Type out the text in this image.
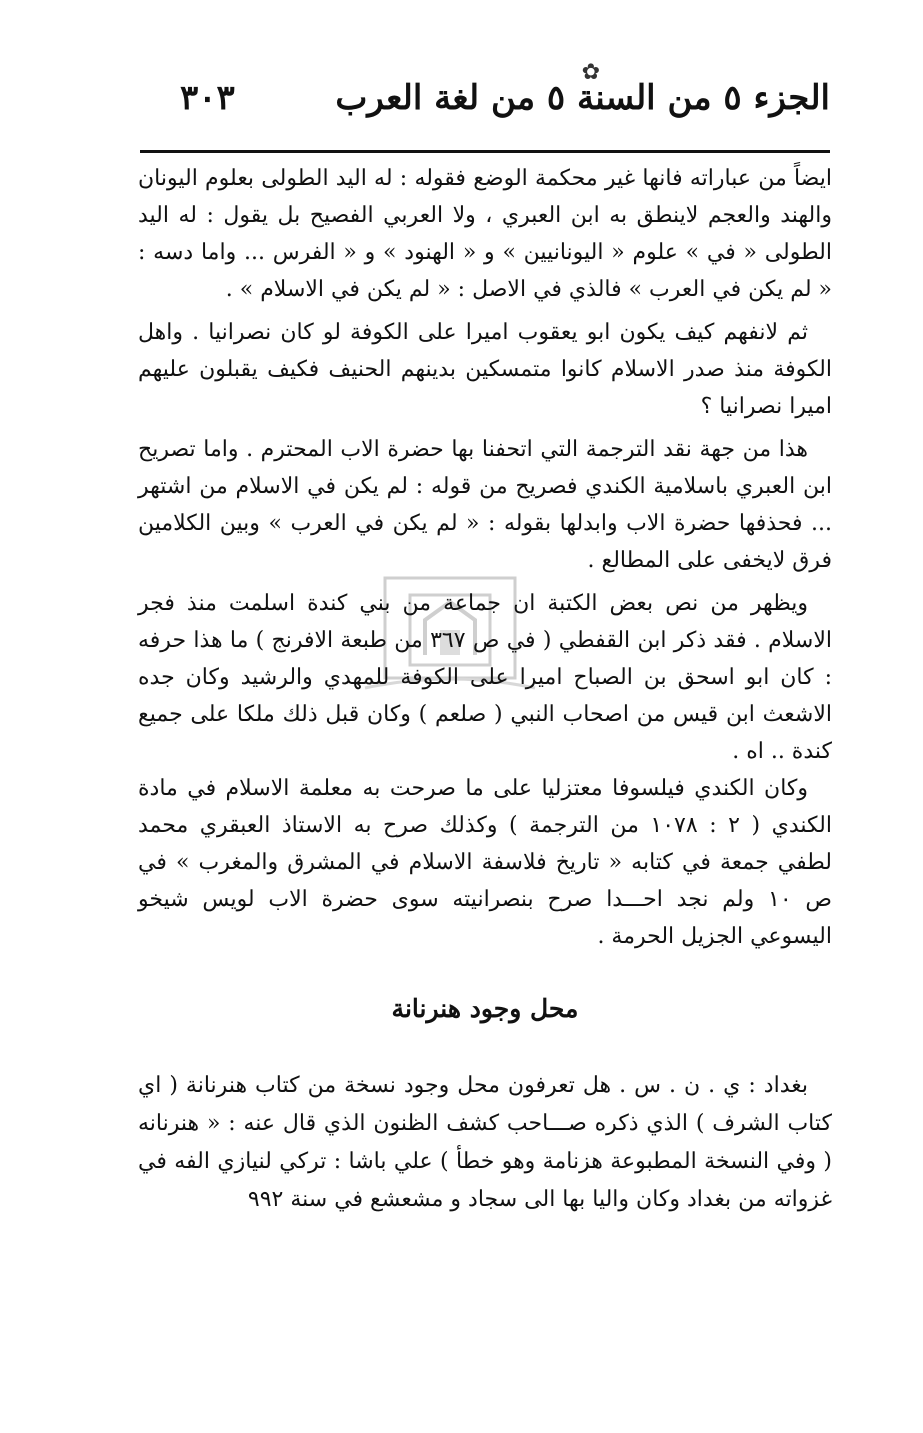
✿
الجزء ٥ من السنة ٥ من لغة العرب
٣٠٣

ايضاً من عباراته فانها غير محكمة الوضع فقوله : له اليد الطولى بعلوم اليونان والهند والعجم لاينطق به ابن العبري ، ولا العربي الفصيح بل يقول : له اليد الطولى « في » علوم « اليونانيين » و « الهنود » و « الفرس ... واما دسه : « لم يكن في العرب » فالذي في الاصل : « لم يكن في الاسلام » .

ثم لانفهم كيف يكون ابو يعقوب اميرا على الكوفة لو كان نصرانيا . واهل الكوفة منذ صدر الاسلام كانوا متمسكين بدينهم الحنيف فكيف يقبلون عليهم اميرا نصرانيا ؟

هذا من جهة نقد الترجمة التي اتحفنا بها حضرة الاب المحترم . واما تصريح ابن العبري باسلامية الكندي فصريح من قوله : لم يكن في الاسلام من اشتهر ... فحذفها حضرة الاب وابدلها بقوله : « لم يكن في العرب » وبين الكلامين فرق لايخفى على المطالع .

ويظهر من نص بعض الكتبة ان جماعة من بني كندة اسلمت منذ فجر الاسلام . فقد ذكر ابن القفطي ( في ص ٣٦٧ من طبعة الافرنج ) ما هذا حرفه : كان ابو اسحق بن الصباح اميرا على الكوفة للمهدي والرشيد وكان جده الاشعث ابن قيس من اصحاب النبي ( صلعم ) وكان قبل ذلك ملكا على جميع كندة .. اه .

وكان الكندي فيلسوفا معتزليا على ما صرحت به معلمة الاسلام في مادة الكندي ( ٢ : ١٠٧٨ من الترجمة ) وكذلك صرح به الاستاذ العبقري محمد لطفي جمعة في كتابه « تاريخ فلاسفة الاسلام في المشرق والمغرب » في ص ١٠ ولم نجد احـــدا صرح بنصرانيته سوى حضرة الاب لويس شيخو اليسوعي الجزيل الحرمة .

محل وجود هنرنانة

بغداد : ي . ن . س . هل تعرفون محل وجود نسخة من كتاب هنرنانة ( اي كتاب الشرف ) الذي ذكره صـــاحب كشف الظنون الذي قال عنه : « هنرنانه ( وفي النسخة المطبوعة هزنامة وهو خطأ ) علي باشا : تركي لنيازي الفه في غزواته من بغداد وكان واليا بها الى سجاد و مشعشع في سنة ٩٩٢
